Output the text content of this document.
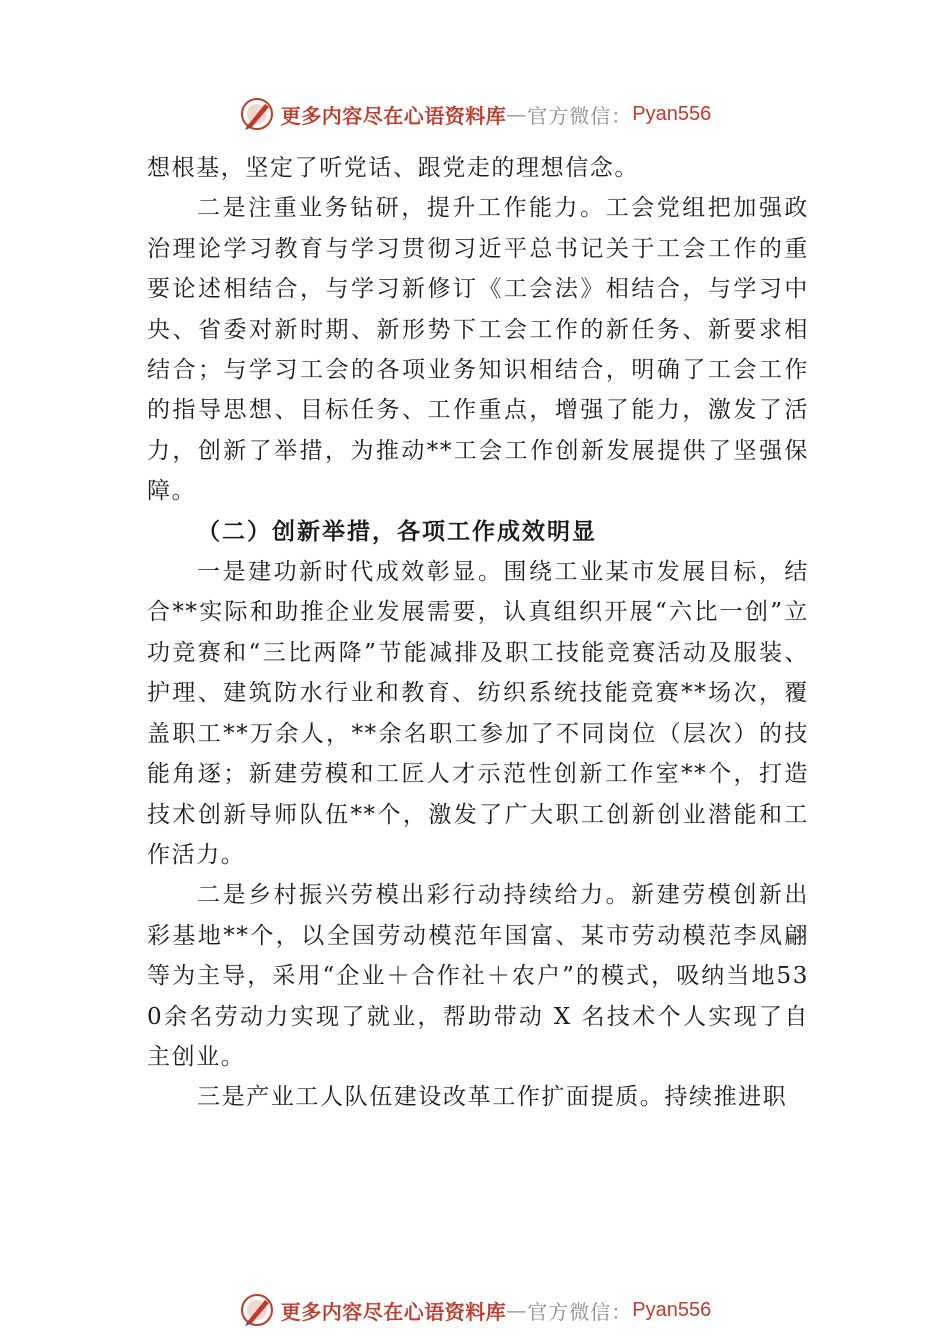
更多内容尽在心语资料库 — 官方微信： Pyan556

想根基，坚定了听党话、跟党走的理想信念。

二是注重业务钻研，提升工作能力。工会党组把加强政治理论学习教育与学习贯彻习近平总书记关于工会工作的重要论述相结合，与学习新修订《工会法》相结合，与学习中央、省委对新时期、新形势下工会工作的新任务、新要求相结合；与学习工会的各项业务知识相结合，明确了工会工作的指导思想、目标任务、工作重点，增强了能力，激发了活力，创新了举措，为推动**工会工作创新发展提供了坚强保障。

（二）创新举措，各项工作成效明显

一是建功新时代成效彰显。围绕工业某市发展目标，结合**实际和助推企业发展需要，认真组织开展“六比一创”立功竞赛和“三比两降”节能减排及职工技能竞赛活动及服装、护理、建筑防水行业和教育、纺织系统技能竞赛**场次，覆盖职工**万余人，**余名职工参加了不同岗位（层次）的技能角逐；新建劳模和工匠人才示范性创新工作室**个，打造技术创新导师队伍**个，激发了广大职工创新创业潜能和工作活力。

二是乡村振兴劳模出彩行动持续给力。新建劳模创新出彩基地**个，以全国劳动模范年国富、某市劳动模范李凤翩等为主导，采用“企业＋合作社＋农户”的模式，吸纳当地530余名劳动力实现了就业，帮助带动 X 名技术个人实现了自主创业。

三是产业工人队伍建设改革工作扩面提质。持续推进职

更多内容尽在心语资料库 — 官方微信： Pyan556
